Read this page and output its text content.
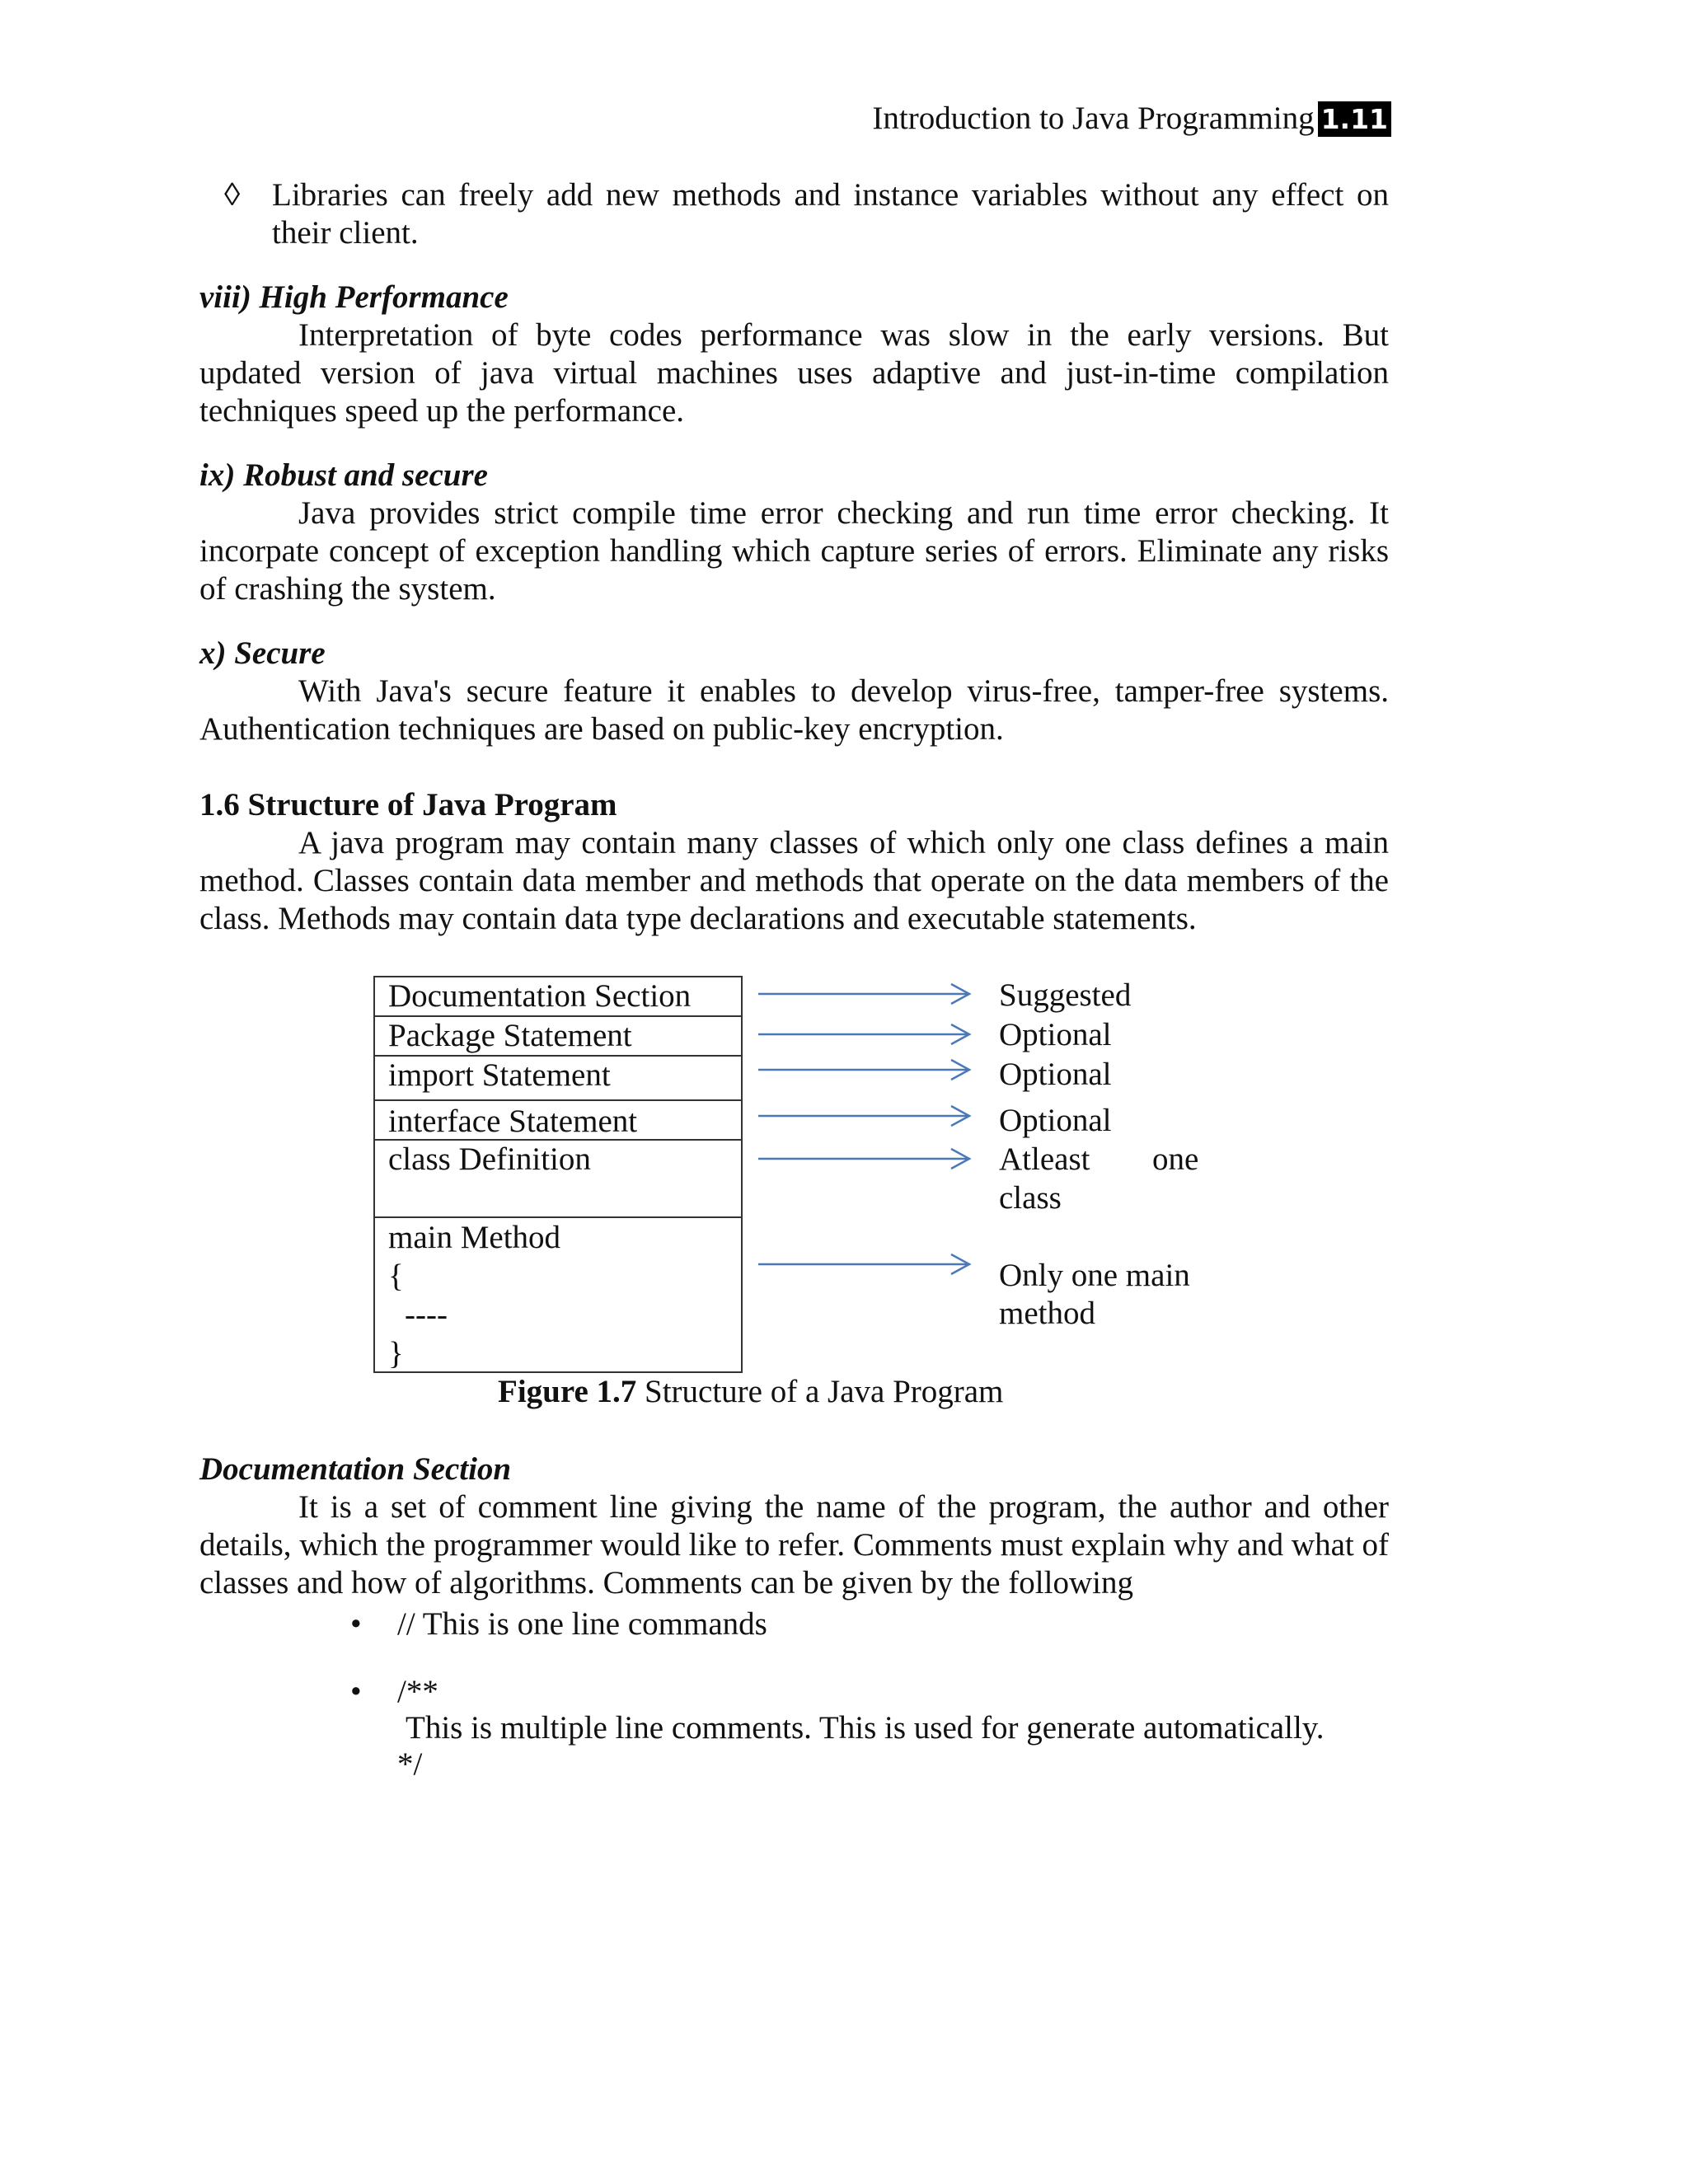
Introduction to Java Programming 1.11
◊ Libraries can freely add new methods and instance variables without any effect on their client.
viii) High Performance
Interpretation of byte codes performance was slow in the early versions. But updated version of java virtual machines uses adaptive and just-in-time compilation techniques speed up the performance.
ix) Robust and secure
Java provides strict compile time error checking and run time error checking. It incorpate concept of exception handling which capture series of errors. Eliminate any risks of crashing the system.
x) Secure
With Java's secure feature it enables to develop virus-free, tamper-free systems. Authentication techniques are based on public-key encryption.
1.6 Structure of Java Program
A java program may contain many classes of which only one class defines a main method. Classes contain data member and methods that operate on the data members of the class. Methods may contain data type declarations and executable statements.
Documentation Section
Package Statement
import Statement
interface Statement
class Definition
main Method
{
----
}
Suggested
Optional
Optional
Optional
Atleast one
class
Only one main
method
Figure 1.7 Structure of a Java Program
Documentation Section
It is a set of comment line giving the name of the program, the author and other details, which the programmer would like to refer. Comments must explain why and what of classes and how of algorithms. Comments can be given by the following
• // This is one line commands
• /**
This is multiple line comments. This is used for generate automatically.
*/
